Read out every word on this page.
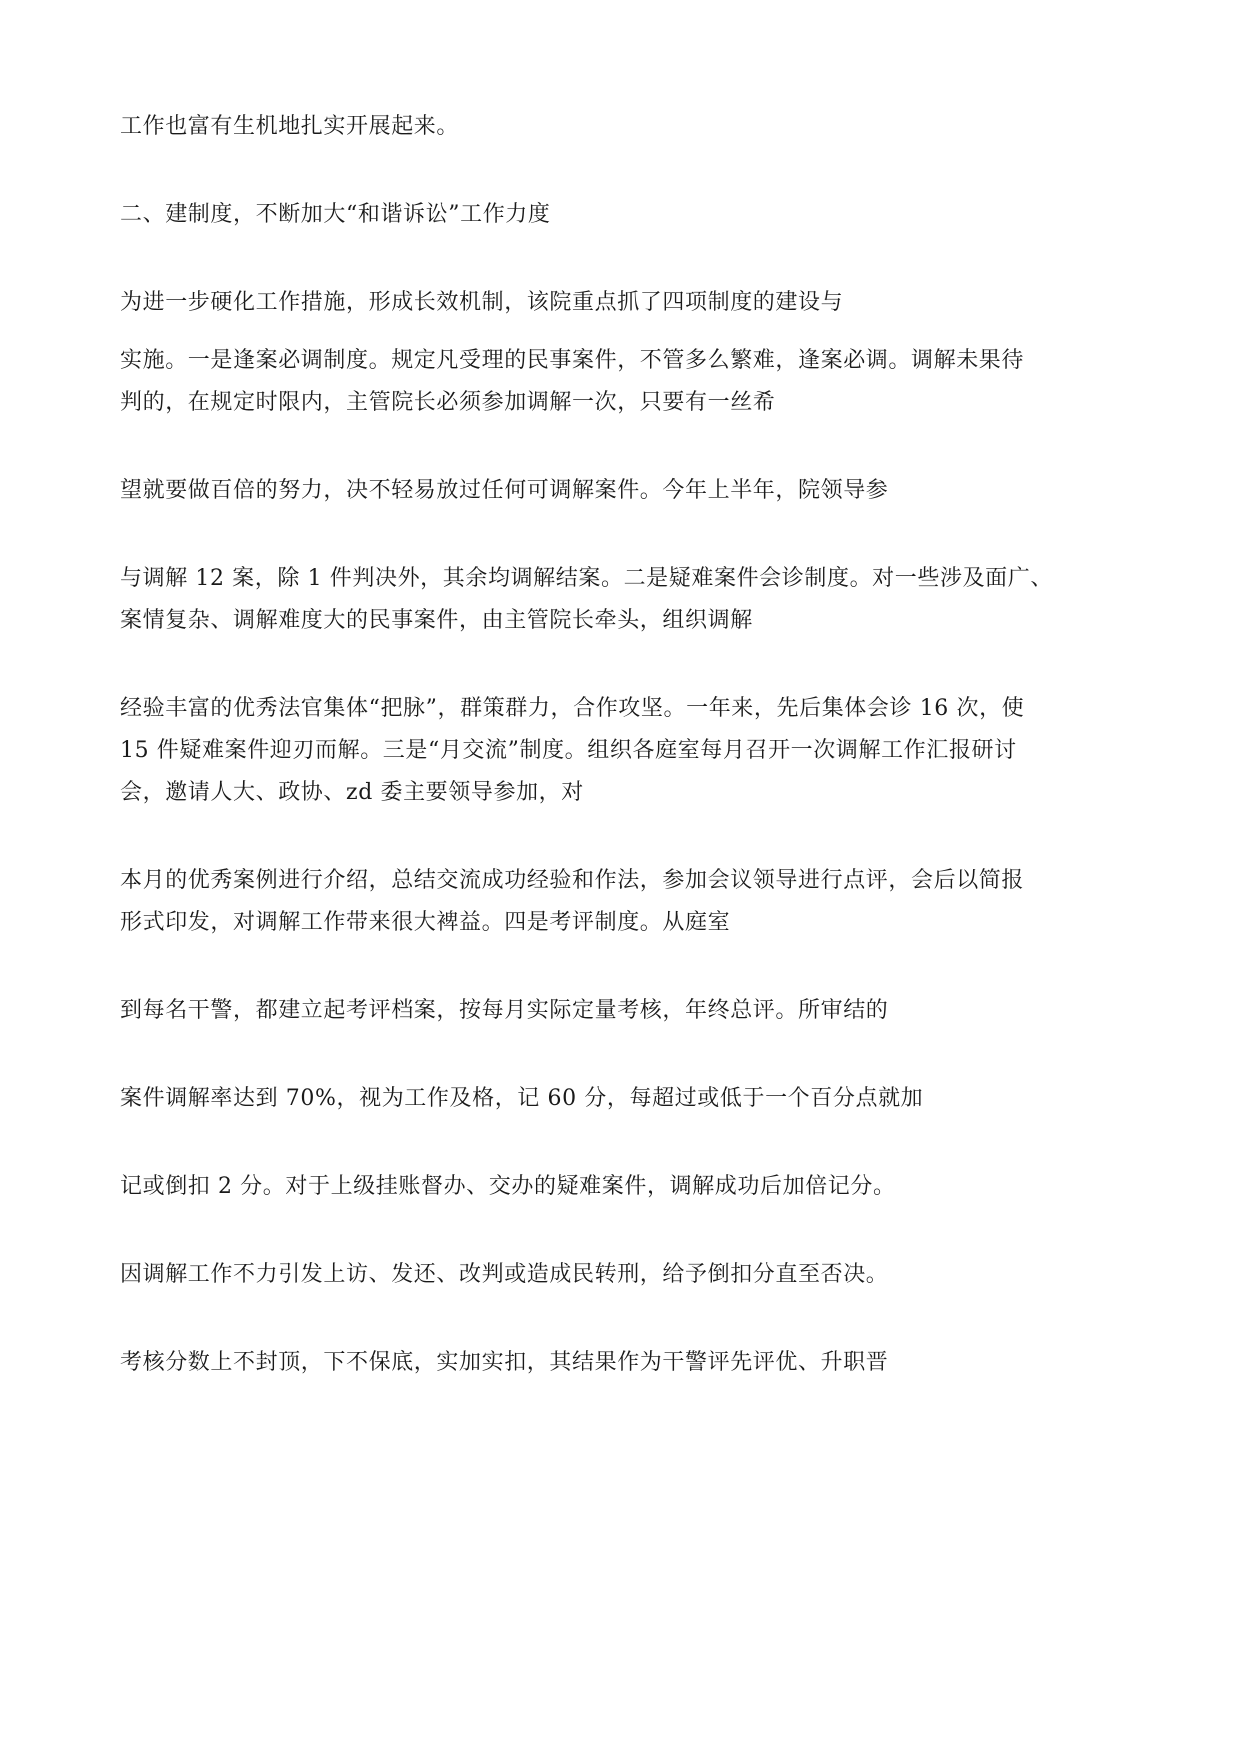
工作也富有生机地扎实开展起来。
二、建制度，不断加大“和谐诉讼”工作力度
为进一步硬化工作措施，形成长效机制，该院重点抓了四项制度的建设与
实施。一是逢案必调制度。规定凡受理的民事案件，不管多么繁难，逢案必调。调解未果待
判的，在规定时限内，主管院长必须参加调解一次，只要有一丝希
望就要做百倍的努力，决不轻易放过任何可调解案件。今年上半年，院领导参
与调解 12 案，除 1 件判决外，其余均调解结案。二是疑难案件会诊制度。对一些涉及面广、
案情复杂、调解难度大的民事案件，由主管院长牵头，组织调解
经验丰富的优秀法官集体“把脉”，群策群力，合作攻坚。一年来，先后集体会诊 16 次，使
15 件疑难案件迎刃而解。三是“月交流”制度。组织各庭室每月召开一次调解工作汇报研讨
会，邀请人大、政协、zd 委主要领导参加，对
本月的优秀案例进行介绍，总结交流成功经验和作法，参加会议领导进行点评，会后以简报
形式印发，对调解工作带来很大裨益。四是考评制度。从庭室
到每名干警，都建立起考评档案，按每月实际定量考核，年终总评。所审结的
案件调解率达到 70%，视为工作及格，记 60 分，每超过或低于一个百分点就加
记或倒扣 2 分。对于上级挂账督办、交办的疑难案件，调解成功后加倍记分。
因调解工作不力引发上访、发还、改判或造成民转刑，给予倒扣分直至否决。
考核分数上不封顶，下不保底，实加实扣，其结果作为干警评先评优、升职晋
